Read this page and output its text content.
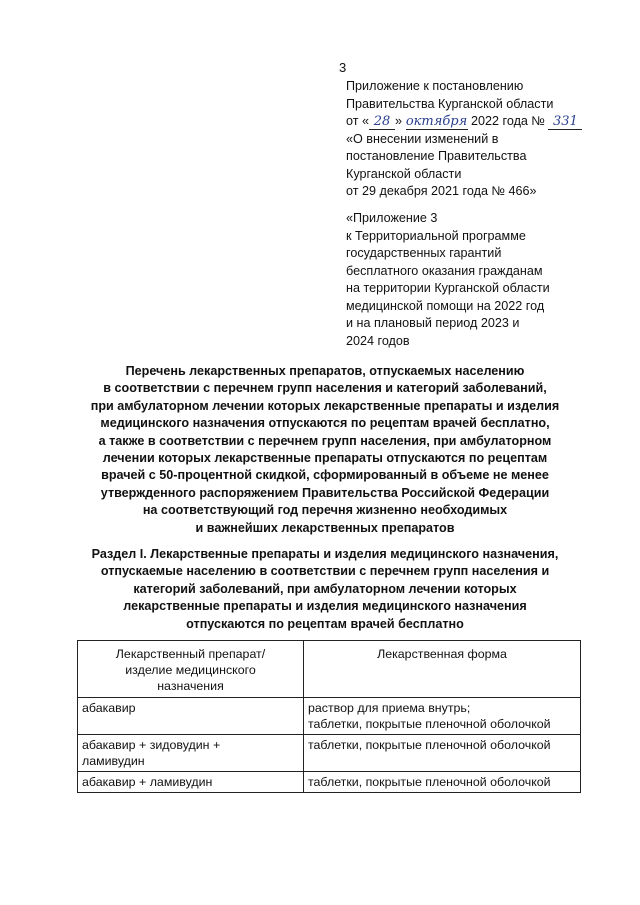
3
Приложение к постановлению
Правительства Курганской области
от « 28 » октября 2022 года № 331
«О внесении изменений в
постановление Правительства
Курганской области
от 29 декабря 2021 года № 466»
«Приложение 3
к Территориальной программе
государственных гарантий
бесплатного оказания гражданам
на территории Курганской области
медицинской помощи на 2022 год
и на плановый период 2023 и
2024 годов
Перечень лекарственных препаратов, отпускаемых населению
в соответствии с перечнем групп населения и категорий заболеваний,
при амбулаторном лечении которых лекарственные препараты и изделия
медицинского назначения отпускаются по рецептам врачей бесплатно,
а также в соответствии с перечнем групп населения, при амбулаторном
лечении которых лекарственные препараты отпускаются по рецептам
врачей с 50-процентной скидкой, сформированный в объеме не менее
утвержденного распоряжением Правительства Российской Федерации
на соответствующий год перечня жизненно необходимых
и важнейших лекарственных препаратов
Раздел I. Лекарственные препараты и изделия медицинского назначения,
отпускаемые населению в соответствии с перечнем групп населения и
категорий заболеваний, при амбулаторном лечении которых
лекарственные препараты и изделия медицинского назначения
отпускаются по рецептам врачей бесплатно
Лекарственный препарат/
изделие медицинского
назначения	Лекарственная форма

абакавир	раствор для приема внутрь;
таблетки, покрытые пленочной оболочкой

абакавир + зидовудин +
ламивудин	таблетки, покрытые пленочной оболочкой

абакавир + ламивудин	таблетки, покрытые пленочной оболочкой
